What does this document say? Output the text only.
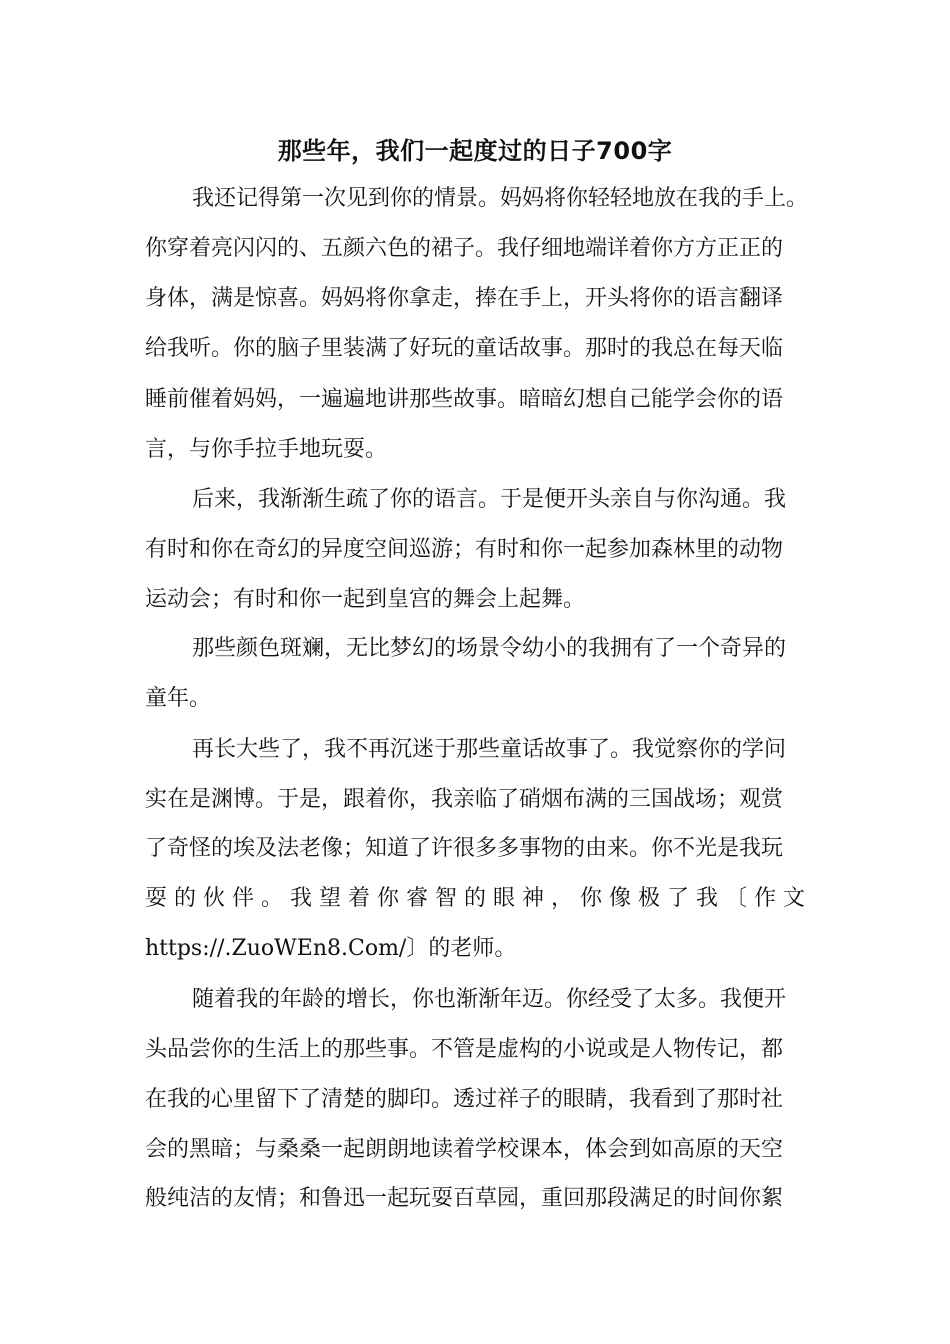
那些年，我们一起度过的日子700字
我还记得第一次见到你的情景。妈妈将你轻轻地放在我的手上。
你穿着亮闪闪的、五颜六色的裙子。我仔细地端详着你方方正正的
身体，满是惊喜。妈妈将你拿走，捧在手上，开头将你的语言翻译
给我听。你的脑子里装满了好玩的童话故事。那时的我总在每天临
睡前催着妈妈，一遍遍地讲那些故事。暗暗幻想自己能学会你的语
言，与你手拉手地玩耍。
后来，我渐渐生疏了你的语言。于是便开头亲自与你沟通。我
有时和你在奇幻的异度空间巡游；有时和你一起参加森林里的动物
运动会；有时和你一起到皇宫的舞会上起舞。
那些颜色斑斓，无比梦幻的场景令幼小的我拥有了一个奇异的
童年。
再长大些了，我不再沉迷于那些童话故事了。我觉察你的学问
实在是渊博。于是，跟着你，我亲临了硝烟布满的三国战场；观赏
了奇怪的埃及法老像；知道了许很多多事物的由来。你不光是我玩
耍的伙伴。我望着你睿智的眼神，你像极了我〔作文
https://.ZuoWEn8.Com/〕的老师。
随着我的年龄的增长，你也渐渐年迈。你经受了太多。我便开
头品尝你的生活上的那些事。不管是虚构的小说或是人物传记，都
在我的心里留下了清楚的脚印。透过祥子的眼睛，我看到了那时社
会的黑暗；与桑桑一起朗朗地读着学校课本，体会到如高原的天空
般纯洁的友情；和鲁迅一起玩耍百草园，重回那段满足的时间你絮
